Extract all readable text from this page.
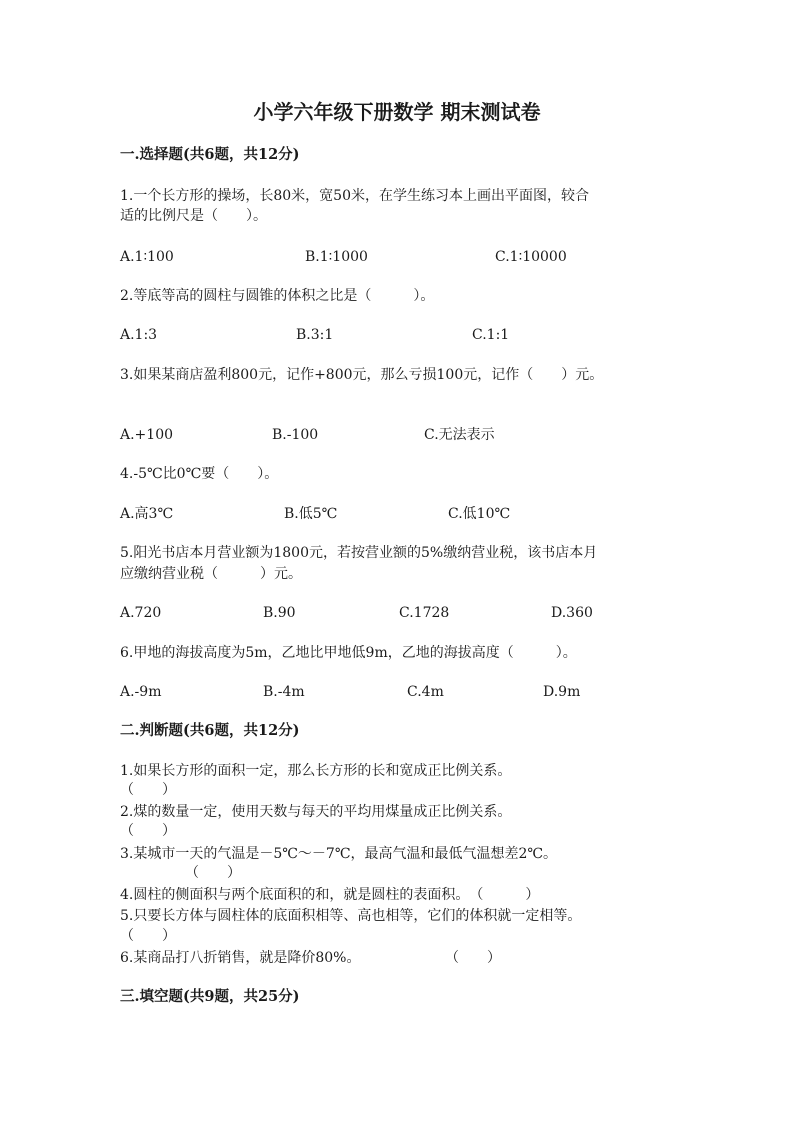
小学六年级下册数学 期末测试卷
一.选择题(共6题，共12分)
1.一个长方形的操场，长80米，宽50米，在学生练习本上画出平面图，较合
适的比例尺是（　　）。
A.1∶100	B.1∶1000	C.1∶10000
2.等底等高的圆柱与圆锥的体积之比是（　　　）。
A.1:3	B.3:1	C.1:1
3.如果某商店盈利800元，记作+800元，那么亏损100元，记作（　　）元。
A.+100	B.-100	C.无法表示
4.-5℃比0℃要（　　）。
A.高3℃	B.低5℃	C.低10℃
5.阳光书店本月营业额为1800元，若按营业额的5%缴纳营业税，该书店本月
应缴纳营业税（　　　）元。
A.720	B.90	C.1728	D.360
6.甲地的海拔高度为5m，乙地比甲地低9m，乙地的海拔高度（　　　）。
A.-9m	B.-4m	C.4m	D.9m
二.判断题(共6题，共12分)
1.如果长方形的面积一定，那么长方形的长和宽成正比例关系。
（　　）
2.煤的数量一定，使用天数与每天的平均用煤量成正比例关系。
（　　）
3.某城市一天的气温是－5℃～－7℃，最高气温和最低气温想差2℃。
（　　）
4.圆柱的侧面积与两个底面积的和，就是圆柱的表面积。　（　　　）
5.只要长方体与圆柱体的底面积相等、高也相等，它们的体积就一定相等。
（　　）
6.某商品打八折销售，就是降价80%。	（　　）
三.填空题(共9题，共25分)
